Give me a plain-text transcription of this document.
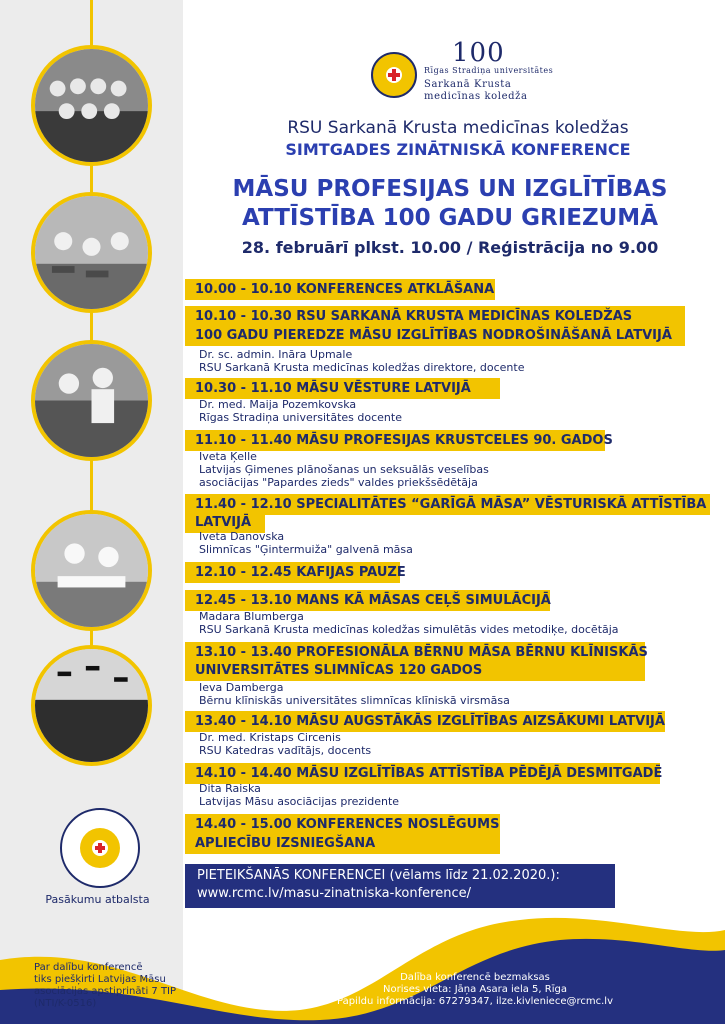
100
Rīgas Stradiņa universitātes
Sarkanā Krusta
medicīnas koledža
RSU Sarkanā Krusta medicīnas koledžas
SIMTGADES ZINĀTNISKĀ KONFERENCE
MĀSU PROFESIJAS UN IZGLĪTĪBAS
ATTĪSTĪBA 100 GADU GRIEZUMĀ
28. februārī plkst. 10.00 / Reģistrācija no 9.00
10.00 - 10.10 KONFERENCES ATKLĀŠANA
10.10 - 10.30 RSU SARKANĀ KRUSTA MEDICĪNAS KOLEDŽAS
100 GADU PIEREDZE MĀSU IZGLĪTĪBAS NODROŠINĀŠANĀ LATVIJĀ
Dr. sc. admin. Ināra Upmale
RSU Sarkanā Krusta medicīnas koledžas direktore, docente
10.30 - 11.10 MĀSU VĒSTURE LATVIJĀ
Dr. med. Maija Pozemkovska
Rīgas Stradiņa universitātes docente
11.10 - 11.40 MĀSU PROFESIJAS KRUSTCELES 90. GADOS
Iveta Ķelle
Latvijas Ģimenes plānošanas un seksuālās veselības
asociācijas "Papardes zieds" valdes priekšsēdētāja
11.40 - 12.10 SPECIALITĀTES “GARĪGĀ MĀSA” VĒSTURISKĀ ATTĪSTĪBA
LATVIJĀ
Iveta Danovska
Slimnīcas "Ģintermuiža" galvenā māsa
12.10 - 12.45 KAFIJAS PAUZE
12.45 - 13.10 MANS KĀ MĀSAS CEĻŠ SIMULĀCIJĀ
Madara Blumberga
RSU Sarkanā Krusta medicīnas koledžas simulētās vides metodiķe, docētāja
13.10 - 13.40 PROFESIONĀLA BĒRNU MĀSA BĒRNU KLĪNISKĀS
UNIVERSITĀTES SLIMNĪCAS 120 GADOS
Ieva Damberga
Bērnu klīniskās universitātes slimnīcas klīniskā virsmāsa
13.40 - 14.10 MĀSU AUGSTĀKĀS IZGLĪTĪBAS AIZSĀKUMI LATVIJĀ
Dr. med. Kristaps Circenis
RSU Katedras vadītājs, docents
14.10 - 14.40 MĀSU IZGLĪTĪBAS ATTĪSTĪBA PĒDĒJĀ DESMITGADĒ
Dita Raiska
Latvijas Māsu asociācijas prezidente
14.40 - 15.00 KONFERENCES NOSLĒGUMS
APLIECĪBU IZSNIEGŠANA
Pasākumu atbalsta
PIETEIKŠANĀS KONFERENCEI (vēlams līdz 21.02.2020.):
www.rcmc.lv/masu-zinatniska-konference/
Par dalību konferencē
tiks piešķirti Latvijas Māsu
asociācijas apstiprināti 7 TIP
(NTI/K-0516)
Dalība konferencē bezmaksas
Norises vieta: Jāņa Asara iela 5, Rīga
Papildu informācija: 67279347, ilze.kivleniece@rcmc.lv
